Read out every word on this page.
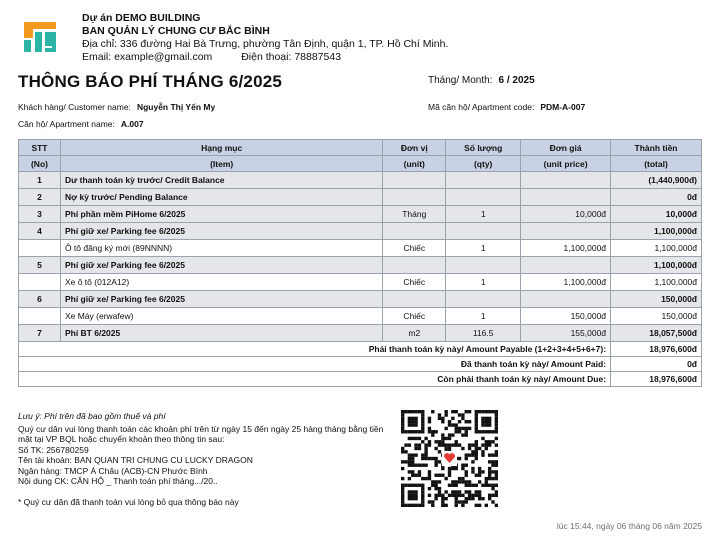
Dự án DEMO BUILDING
BAN QUẢN LÝ CHUNG CƯ BẮC BÌNH
Địa chỉ: 336 đường Hai Bà Trưng, phường Tân Định, quận 1, TP. Hồ Chí Minh.
Email: example@gmail.com	Điện thoại: 78887543
THÔNG BÁO PHÍ THÁNG 6/2025	Tháng/ Month: 6 / 2025
Khách hàng/ Customer name: Nguyễn Thị Yến My	Mã căn hộ/ Apartment code: PDM-A-007
Căn hộ/ Apartment name: A.007
STT	Hạng mục	Đơn vị	Số lượng	Đơn giá	Thành tiền
(No)	(Item)	(unit)	(qty)	(unit price)	(total)
1	Dư thanh toán kỳ trước/ Credit Balance				(1,440,900đ)
2	Nợ kỳ trước/ Pending Balance				0đ
3	Phí phần mềm PiHome 6/2025	Tháng	1	10,000đ	10,000đ
4	Phí giữ xe/ Parking fee 6/2025				1,100,000đ
	Ô tô đăng ký mới (89NNNN)	Chiếc	1	1,100,000đ	1,100,000đ
5	Phí giữ xe/ Parking fee 6/2025				1,100,000đ
	Xe ô tô (012A12)	Chiếc	1	1,100,000đ	1,100,000đ
6	Phí giữ xe/ Parking fee 6/2025				150,000đ
	Xe Máy (erwafew)	Chiếc	1	150,000đ	150,000đ
7	Phí BT 6/2025	m2	116.5	155,000đ	18,057,500đ
Phải thanh toán kỳ này/ Amount Payable (1+2+3+4+5+6+7):					18,976,600đ
Đã thanh toán kỳ này/ Amount Paid:					0đ
Còn phải thanh toán kỳ này/ Amount Due:					18,976,600đ
Lưu ý: Phí trên đã bao gồm thuế và phí
Quý cư dân vui lòng thanh toán các khoản phí trên từ ngày 15 đến ngày 25 hàng tháng bằng tiền mặt tại VP BQL hoặc chuyển khoản theo thông tin sau:
Số TK: 256780259
Tên tài khoản: BAN QUAN TRI CHUNG CU LUCKY DRAGON
Ngân hàng: TMCP Á Châu (ACB)-CN Phước Bình
Nội dung CK: CĂN HỘ _ Thanh toán phí tháng.../20..
* Quý cư dân đã thanh toán vui lòng bỏ qua thông báo này
lúc 15:44, ngày 06 tháng 06 năm 2025
